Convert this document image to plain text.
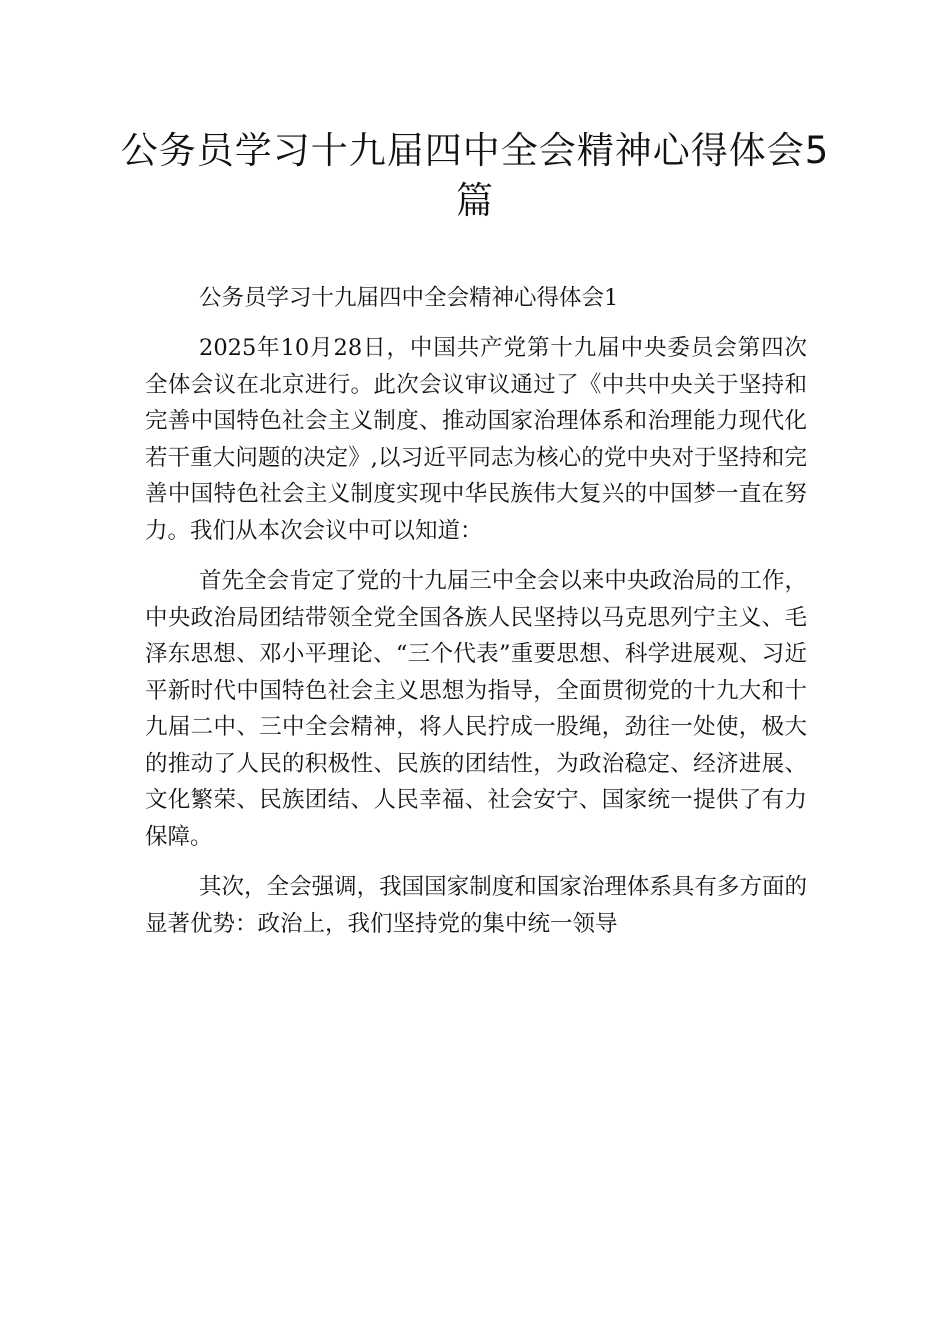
公务员学习十九届四中全会精神心得体会5篇

公务员学习十九届四中全会精神心得体会1

2025年10月28日，中国共产党第十九届中央委员会第四次全体会议在北京进行。此次会议审议通过了《中共中央关于坚持和完善中国特色社会主义制度、推动国家治理体系和治理能力现代化若干重大问题的决定》,以习近平同志为核心的党中央对于坚持和完善中国特色社会主义制度实现中华民族伟大复兴的中国梦一直在努力。我们从本次会议中可以知道：

首先全会肯定了党的十九届三中全会以来中央政治局的工作，中央政治局团结带领全党全国各族人民坚持以马克思列宁主义、毛泽东思想、邓小平理论、“三个代表”重要思想、科学进展观、习近平新时代中国特色社会主义思想为指导，全面贯彻党的十九大和十九届二中、三中全会精神，将人民拧成一股绳，劲往一处使，极大的推动了人民的积极性、民族的团结性，为政治稳定、经济进展、文化繁荣、民族团结、人民幸福、社会安宁、国家统一提供了有力保障。

其次，全会强调，我国国家制度和国家治理体系具有多方面的显著优势：政治上，我们坚持党的集中统一领导
